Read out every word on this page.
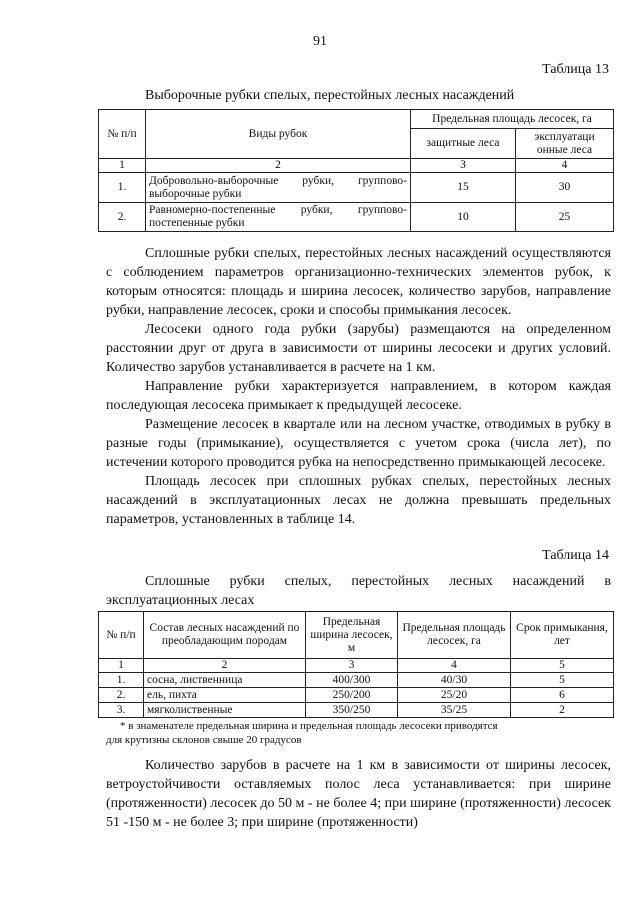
91
Таблица 13
Выборочные рубки спелых, перестойных лесных насаждений
№ п/п	Виды рубок	Предельная площадь лесосек, га	
		защитные леса	эксплуатаци онные леса
1	2	3	4
1.	Добровольно-выборочные рубки, группово-выборочные рубки	15	30
2.	Равномерно-постепенные рубки, группово-постепенные рубки	10	25

Сплошные рубки спелых, перестойных лесных насаждений осуществляются с соблюдением параметров организационно-технических элементов рубок, к которым относятся: площадь и ширина лесосек, количество зарубов, направление рубки, направление лесосек, сроки и способы примыкания лесосек.

Лесосеки одного года рубки (зарубы) размещаются на определенном расстоянии друг от друга в зависимости от ширины лесосеки и других условий. Количество зарубов устанавливается в расчете на 1 км.

Направление рубки характеризуется направлением, в котором каждая последующая лесосека примыкает к предыдущей лесосеке.

Размещение лесосек в квартале или на лесном участке, отводимых в рубку в разные годы (примыкание), осуществляется с учетом срока (числа лет), по истечении которого проводится рубка на непосредственно примыкающей лесосеке.

Площадь лесосек при сплошных рубках спелых, перестойных лесных насаждений в эксплуатационных лесах не должна превышать предельных параметров, установленных в таблице 14.

Таблица 14
Сплошные рубки спелых, перестойных лесных насаждений в эксплуатационных лесах
№ п/п	Состав лесных насаждений по преобладающим породам	Предельная ширина лесосек, м	Предельная площадь лесосек, га	Срок примыкания, лет
1	2	3	4	5
1.	сосна, лиственница	400/300	40/30	5
2.	ель, пихта	250/200	25/20	6
3.	мягколиственные	350/250	35/25	2
* в знаменателе предельная ширина и предельная площадь лесосеки приводятся
для крутизны склонов свыше 20 градусов

Количество зарубов в расчете на 1 км в зависимости от ширины лесосек, ветроустойчивости оставляемых полос леса устанавливается: при ширине (протяженности) лесосек до 50 м - не более 4; при ширине (протяженности) лесосек 51 -150 м - не более 3; при ширине (протяженности)
